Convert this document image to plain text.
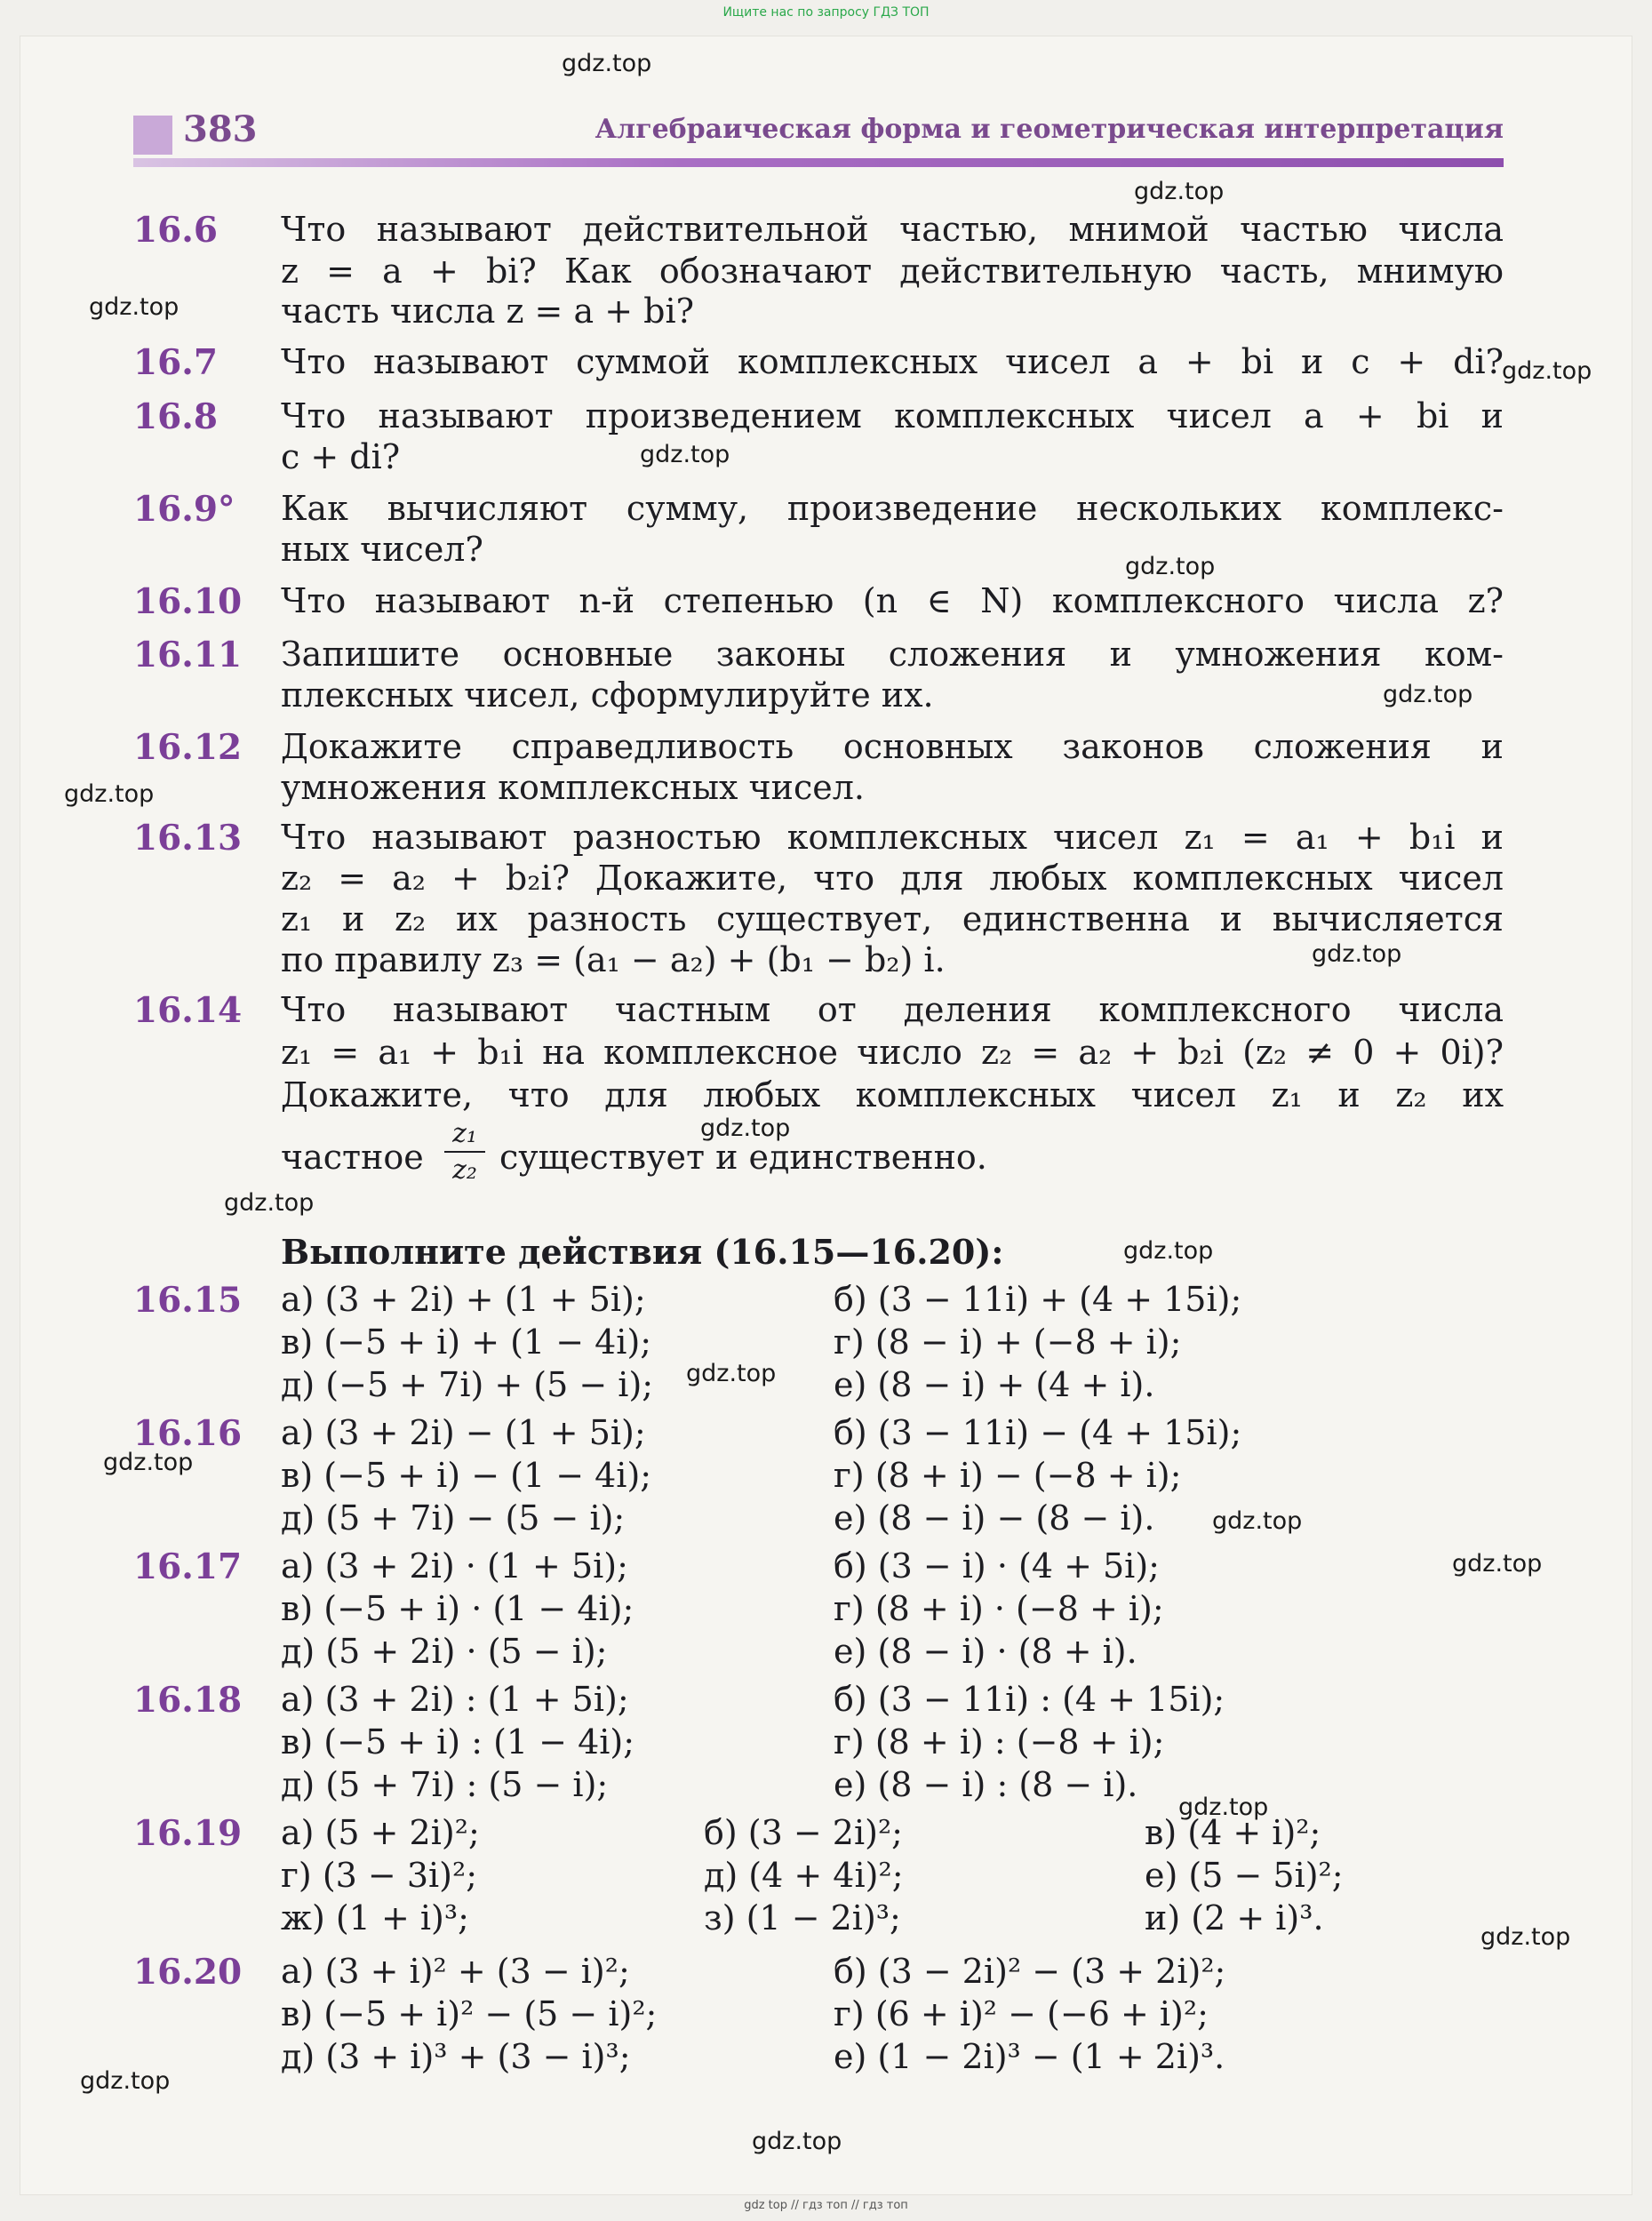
Ищите нас по запросу ГДЗ ТОП
383	Алгебраическая форма и геометрическая интерпретация
16.6 Что называют действительной частью, мнимой частью числа
z = a + bi? Как обозначают действительную часть, мнимую
часть числа z = a + bi?
16.7 Что называют суммой комплексных чисел a + bi и c + di?
16.8 Что называют произведением комплексных чисел a + bi и
c + di?
16.9° Как вычисляют сумму, произведение нескольких комплекс-
ных чисел?
16.10 Что называют n-й степенью (n ∈ N) комплексного числа z?
16.11 Запишите основные законы сложения и умножения ком-
плексных чисел, сформулируйте их.
16.12 Докажите справедливость основных законов сложения и
умножения комплексных чисел.
16.13 Что называют разностью комплексных чисел z₁ = a₁ + b₁i и
z₂ = a₂ + b₂i? Докажите, что для любых комплексных чисел
z₁ и z₂ их разность существует, единственна и вычисляется
по правилу z₃ = (a₁ − a₂) + (b₁ − b₂) i.
16.14 Что называют частным от деления комплексного числа
z₁ = a₁ + b₁i на комплексное число z₂ = a₂ + b₂i (z₂ ≠ 0 + 0i)?
Докажите, что для любых комплексных чисел z₁ и z₂ их
частное
z₁
z₂ существует и единственно.
Выполните действия (16.15—16.20):
16.15 а) (3 + 2i) + (1 + 5i);	б) (3 − 11i) + (4 + 15i);
в) (−5 + i) + (1 − 4i);	г) (8 − i) + (−8 + i);
д) (−5 + 7i) + (5 − i);	е) (8 − i) + (4 + i).
16.16 а) (3 + 2i) − (1 + 5i);	б) (3 − 11i) − (4 + 15i);
в) (−5 + i) − (1 − 4i);	г) (8 + i) − (−8 + i);
д) (5 + 7i) − (5 − i);	е) (8 − i) − (8 − i).
16.17 а) (3 + 2i) · (1 + 5i);	б) (3 − i) · (4 + 5i);
в) (−5 + i) · (1 − 4i);	г) (8 + i) · (−8 + i);
д) (5 + 2i) · (5 − i);	е) (8 − i) · (8 + i).
16.18 а) (3 + 2i) : (1 + 5i);	б) (3 − 11i) : (4 + 15i);
в) (−5 + i) : (1 − 4i);	г) (8 + i) : (−8 + i);
д) (5 + 7i) : (5 − i);	е) (8 − i) : (8 − i).
16.19 а) (5 + 2i)²;	б) (3 − 2i)²;	в) (4 + i)²;
г) (3 − 3i)²;	д) (4 + 4i)²;	е) (5 − 5i)²;
ж) (1 + i)³;	з) (1 − 2i)³;	и) (2 + i)³.
16.20 а) (3 + i)² + (3 − i)²;	б) (3 − 2i)² − (3 + 2i)²;
в) (−5 + i)² − (5 − i)²;	г) (6 + i)² − (−6 + i)²;
д) (3 + i)³ + (3 − i)³;	е) (1 − 2i)³ − (1 + 2i)³.
gdz.top
gdz.top
gdz.top
gdz.top
gdz.top
gdz.top
gdz.top
gdz.top
gdz.top
gdz.top
gdz.top
gdz.top
gdz.top
gdz.top
gdz.top
gdz.top
gdz.top
gdz.top
gdz.top
gdz.top
gdz top // гдз топ // гдз топ
